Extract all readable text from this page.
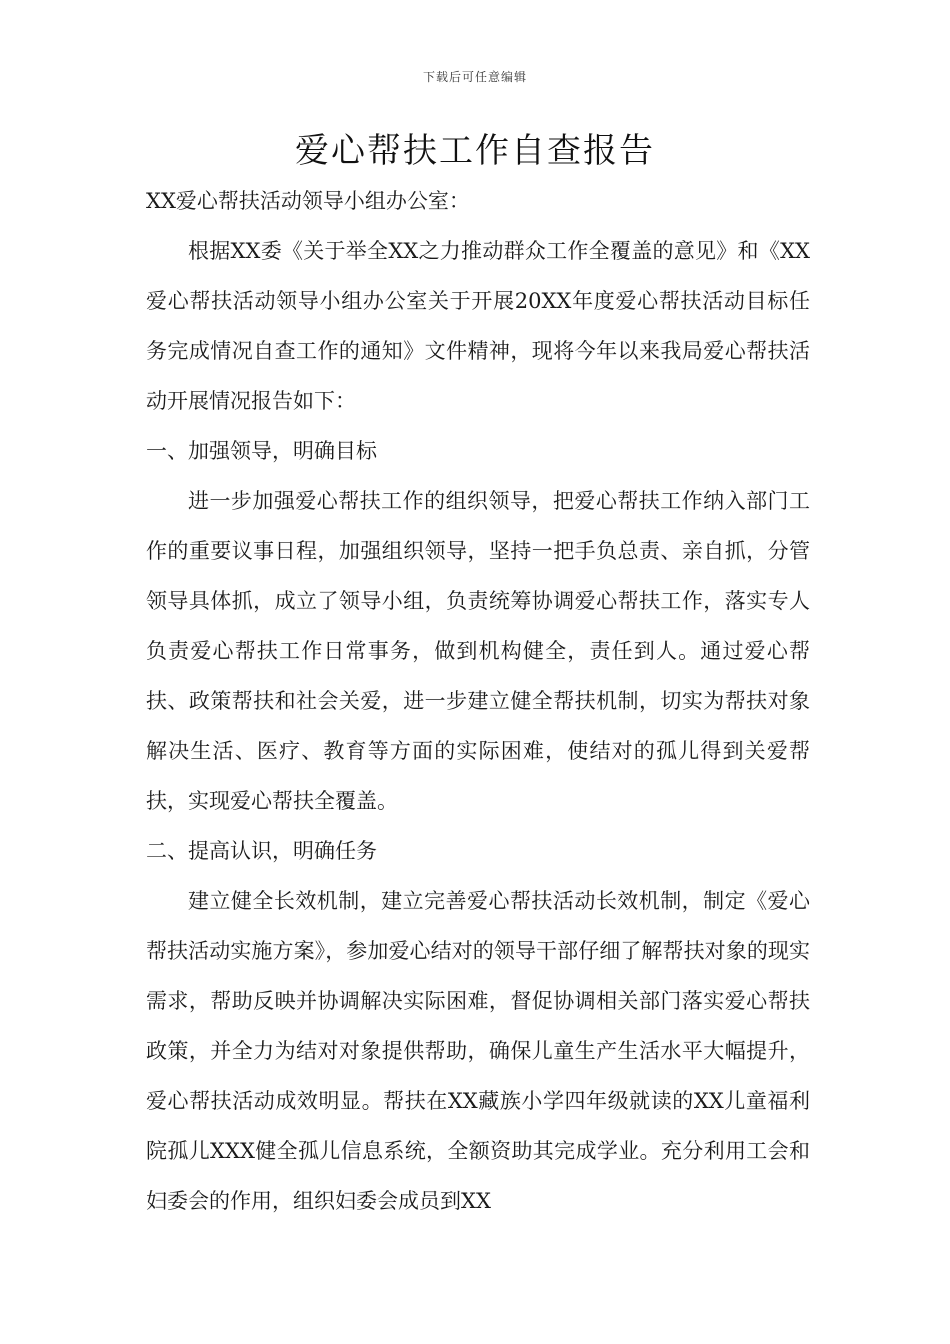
下载后可任意编辑
爱心帮扶工作自查报告

XX爱心帮扶活动领导小组办公室：

根据XX委《关于举全XX之力推动群众工作全覆盖的意见》和《XX爱心帮扶活动领导小组办公室关于开展20XX年度爱心帮扶活动目标任务完成情况自查工作的通知》文件精神，现将今年以来我局爱心帮扶活动开展情况报告如下：

一、加强领导，明确目标

进一步加强爱心帮扶工作的组织领导，把爱心帮扶工作纳入部门工作的重要议事日程，加强组织领导，坚持一把手负总责、亲自抓，分管领导具体抓，成立了领导小组，负责统筹协调爱心帮扶工作，落实专人负责爱心帮扶工作日常事务，做到机构健全，责任到人。通过爱心帮扶、政策帮扶和社会关爱，进一步建立健全帮扶机制，切实为帮扶对象解决生活、医疗、教育等方面的实际困难，使结对的孤儿得到关爱帮扶，实现爱心帮扶全覆盖。

二、提高认识，明确任务

建立健全长效机制，建立完善爱心帮扶活动长效机制，制定《爱心帮扶活动实施方案》，参加爱心结对的领导干部仔细了解帮扶对象的现实需求，帮助反映并协调解决实际困难，督促协调相关部门落实爱心帮扶政策，并全力为结对对象提供帮助，确保儿童生产生活水平大幅提升，爱心帮扶活动成效明显。帮扶在XX藏族小学四年级就读的XX儿童福利院孤儿XXX健全孤儿信息系统，全额资助其完成学业。充分利用工会和妇委会的作用，组织妇委会成员到XX
